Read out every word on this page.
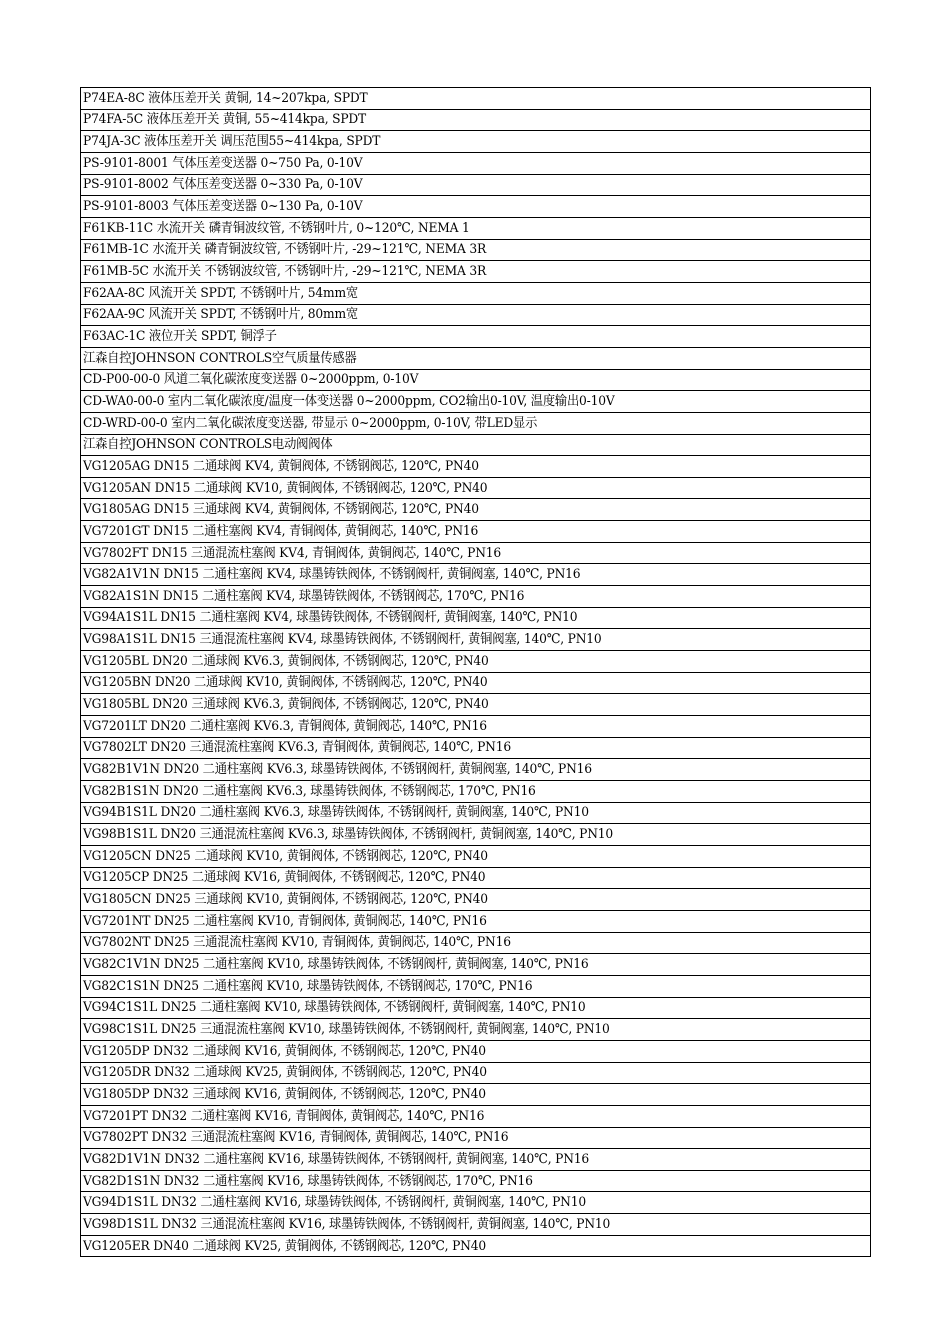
P74EA-8C 液体压差开关 黄铜, 14~207kpa, SPDT
P74FA-5C 液体压差开关 黄铜, 55~414kpa, SPDT
P74JA-3C 液体压差开关 调压范围55~414kpa, SPDT
PS-9101-8001 气体压差变送器 0~750 Pa, 0-10V
PS-9101-8002 气体压差变送器 0~330 Pa, 0-10V
PS-9101-8003 气体压差变送器 0~130 Pa, 0-10V
F61KB-11C 水流开关 磷青铜波纹管, 不锈钢叶片, 0~120℃, NEMA 1
F61MB-1C 水流开关 磷青铜波纹管, 不锈钢叶片, -29~121℃, NEMA 3R
F61MB-5C 水流开关 不锈钢波纹管, 不锈钢叶片, -29~121℃, NEMA 3R
F62AA-8C 风流开关 SPDT, 不锈钢叶片, 54mm宽
F62AA-9C 风流开关 SPDT, 不锈钢叶片, 80mm宽
F63AC-1C 液位开关 SPDT, 铜浮子
江森自控JOHNSON CONTROLS空气质量传感器
CD-P00-00-0 风道二氧化碳浓度变送器 0~2000ppm, 0-10V
CD-WA0-00-0 室内二氧化碳浓度/温度一体变送器 0~2000ppm, CO2输出0-10V, 温度输出0-10V
CD-WRD-00-0 室内二氧化碳浓度变送器, 带显示 0~2000ppm, 0-10V, 带LED显示
江森自控JOHNSON CONTROLS电动阀阀体
VG1205AG DN15 二通球阀 KV4, 黄铜阀体, 不锈钢阀芯, 120℃, PN40
VG1205AN DN15 二通球阀 KV10, 黄铜阀体, 不锈钢阀芯, 120℃, PN40
VG1805AG DN15 三通球阀 KV4, 黄铜阀体, 不锈钢阀芯, 120℃, PN40
VG7201GT DN15 二通柱塞阀 KV4, 青铜阀体, 黄铜阀芯, 140℃, PN16
VG7802FT DN15 三通混流柱塞阀 KV4, 青铜阀体, 黄铜阀芯, 140℃, PN16
VG82A1V1N DN15 二通柱塞阀 KV4, 球墨铸铁阀体, 不锈钢阀杆, 黄铜阀塞, 140℃, PN16
VG82A1S1N DN15 二通柱塞阀 KV4, 球墨铸铁阀体, 不锈钢阀芯, 170℃, PN16
VG94A1S1L DN15 二通柱塞阀 KV4, 球墨铸铁阀体, 不锈钢阀杆, 黄铜阀塞, 140℃, PN10
VG98A1S1L DN15 三通混流柱塞阀 KV4, 球墨铸铁阀体, 不锈钢阀杆, 黄铜阀塞, 140℃, PN10
VG1205BL DN20 二通球阀 KV6.3, 黄铜阀体, 不锈钢阀芯, 120℃, PN40
VG1205BN DN20 二通球阀 KV10, 黄铜阀体, 不锈钢阀芯, 120℃, PN40
VG1805BL DN20 三通球阀 KV6.3, 黄铜阀体, 不锈钢阀芯, 120℃, PN40
VG7201LT DN20 二通柱塞阀 KV6.3, 青铜阀体, 黄铜阀芯, 140℃, PN16
VG7802LT DN20 三通混流柱塞阀 KV6.3, 青铜阀体, 黄铜阀芯, 140℃, PN16
VG82B1V1N DN20 二通柱塞阀 KV6.3, 球墨铸铁阀体, 不锈钢阀杆, 黄铜阀塞, 140℃, PN16
VG82B1S1N DN20 二通柱塞阀 KV6.3, 球墨铸铁阀体, 不锈钢阀芯, 170℃, PN16
VG94B1S1L DN20 二通柱塞阀 KV6.3, 球墨铸铁阀体, 不锈钢阀杆, 黄铜阀塞, 140℃, PN10
VG98B1S1L DN20 三通混流柱塞阀 KV6.3, 球墨铸铁阀体, 不锈钢阀杆, 黄铜阀塞, 140℃, PN10
VG1205CN DN25 二通球阀 KV10, 黄铜阀体, 不锈钢阀芯, 120℃, PN40
VG1205CP DN25 二通球阀 KV16, 黄铜阀体, 不锈钢阀芯, 120℃, PN40
VG1805CN DN25 三通球阀 KV10, 黄铜阀体, 不锈钢阀芯, 120℃, PN40
VG7201NT DN25 二通柱塞阀 KV10, 青铜阀体, 黄铜阀芯, 140℃, PN16
VG7802NT DN25 三通混流柱塞阀 KV10, 青铜阀体, 黄铜阀芯, 140℃, PN16
VG82C1V1N DN25 二通柱塞阀 KV10, 球墨铸铁阀体, 不锈钢阀杆, 黄铜阀塞, 140℃, PN16
VG82C1S1N DN25 二通柱塞阀 KV10, 球墨铸铁阀体, 不锈钢阀芯, 170℃, PN16
VG94C1S1L DN25 二通柱塞阀 KV10, 球墨铸铁阀体, 不锈钢阀杆, 黄铜阀塞, 140℃, PN10
VG98C1S1L DN25 三通混流柱塞阀 KV10, 球墨铸铁阀体, 不锈钢阀杆, 黄铜阀塞, 140℃, PN10
VG1205DP DN32 二通球阀 KV16, 黄铜阀体, 不锈钢阀芯, 120℃, PN40
VG1205DR DN32 二通球阀 KV25, 黄铜阀体, 不锈钢阀芯, 120℃, PN40
VG1805DP DN32 三通球阀 KV16, 黄铜阀体, 不锈钢阀芯, 120℃, PN40
VG7201PT DN32 二通柱塞阀 KV16, 青铜阀体, 黄铜阀芯, 140℃, PN16
VG7802PT DN32 三通混流柱塞阀 KV16, 青铜阀体, 黄铜阀芯, 140℃, PN16
VG82D1V1N DN32 二通柱塞阀 KV16, 球墨铸铁阀体, 不锈钢阀杆, 黄铜阀塞, 140℃, PN16
VG82D1S1N DN32 二通柱塞阀 KV16, 球墨铸铁阀体, 不锈钢阀芯, 170℃, PN16
VG94D1S1L DN32 二通柱塞阀 KV16, 球墨铸铁阀体, 不锈钢阀杆, 黄铜阀塞, 140℃, PN10
VG98D1S1L DN32 三通混流柱塞阀 KV16, 球墨铸铁阀体, 不锈钢阀杆, 黄铜阀塞, 140℃, PN10
VG1205ER DN40 二通球阀 KV25, 黄铜阀体, 不锈钢阀芯, 120℃, PN40
